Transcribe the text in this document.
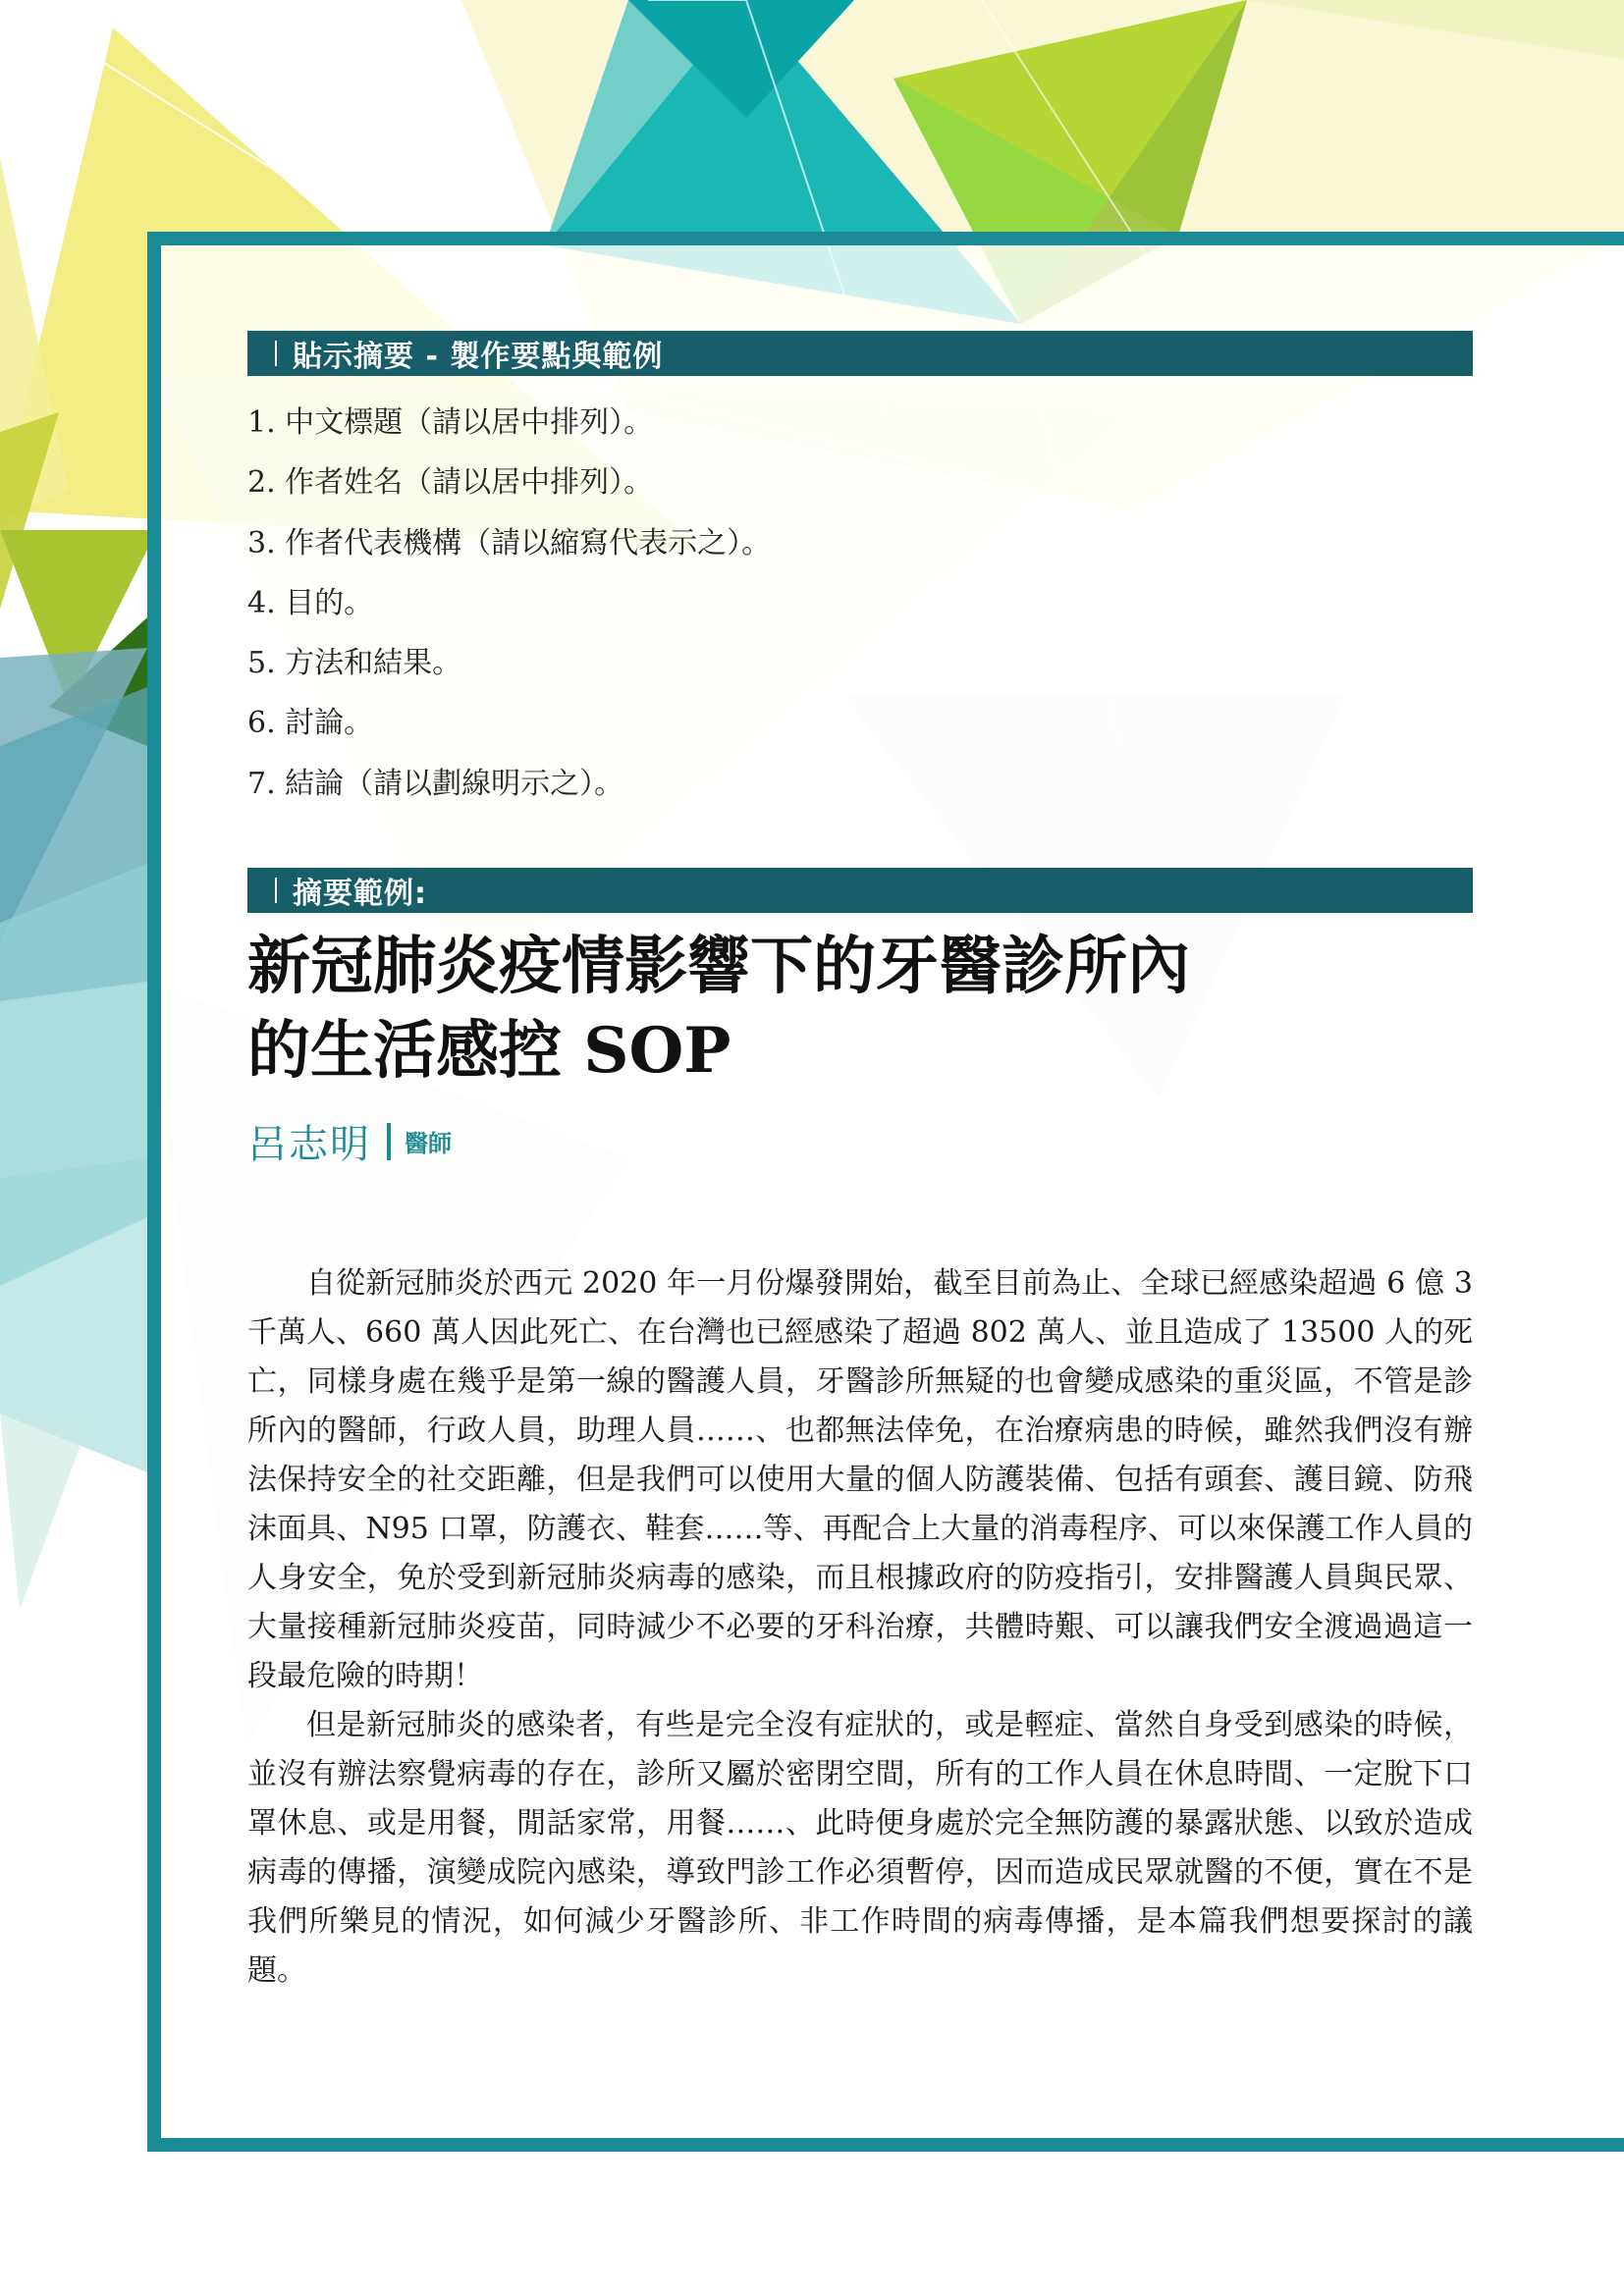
貼示摘要 - 製作要點與範例
1. 中文標題（請以居中排列）。
2. 作者姓名（請以居中排列）。
3. 作者代表機構（請以縮寫代表示之）。
4. 目的。
5. 方法和結果。
6. 討論。
7. 結論（請以劃線明示之）。
摘要範例:
新冠肺炎疫情影響下的牙醫診所內
的生活感控 SOP
呂志明 醫師

自從新冠肺炎於西元 2020 年一月份爆發開始，截至目前為止、全球已經感染超過 6 億 3 千萬人、660 萬人因此死亡、在台灣也已經感染了超過 802 萬人、並且造成了 13500 人的死亡，同樣身處在幾乎是第一線的醫護人員，牙醫診所無疑的也會變成感染的重災區，不管是診所內的醫師，行政人員，助理人員……、也都無法倖免，在治療病患的時候，雖然我們沒有辦法保持安全的社交距離，但是我們可以使用大量的個人防護裝備、包括有頭套、護目鏡、防飛沫面具、N95 口罩，防護衣、鞋套……等、再配合上大量的消毒程序、可以來保護工作人員的人身安全，免於受到新冠肺炎病毒的感染，而且根據政府的防疫指引，安排醫護人員與民眾、大量接種新冠肺炎疫苗，同時減少不必要的牙科治療，共體時艱、可以讓我們安全渡過過這一段最危險的時期！

但是新冠肺炎的感染者，有些是完全沒有症狀的，或是輕症、當然自身受到感染的時候，並沒有辦法察覺病毒的存在，診所又屬於密閉空間，所有的工作人員在休息時間、一定脫下口罩休息、或是用餐，閒話家常，用餐……、此時便身處於完全無防護的暴露狀態、以致於造成病毒的傳播，演變成院內感染，導致門診工作必須暫停，因而造成民眾就醫的不便，實在不是我們所樂見的情況，如何減少牙醫診所、非工作時間的病毒傳播，是本篇我們想要探討的議題。
